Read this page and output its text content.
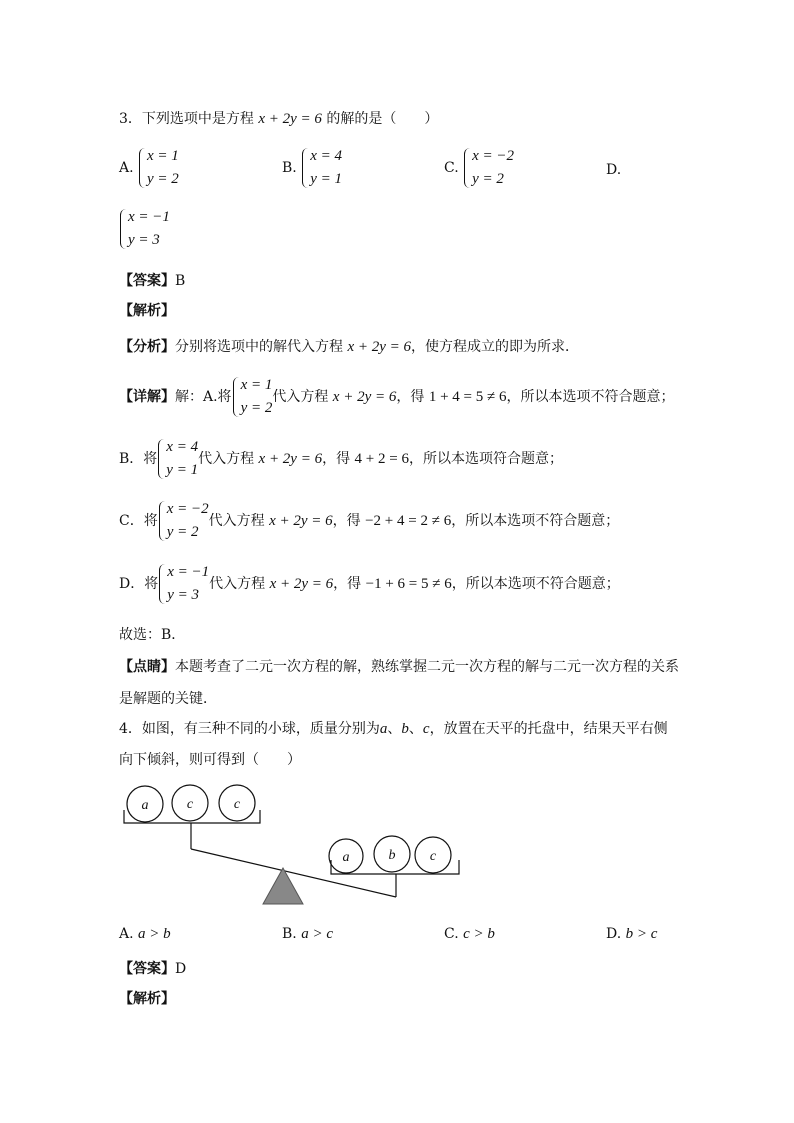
3．下列选项中是方程 x + 2y = 6 的解的是（　　）
A.
x = 1
y = 2
B.
x = 4
y = 1
C.
x = −2
y = 2
D.
x = −1
y = 3
【答案】B
【解析】
【分析】分别将选项中的解代入方程 x + 2y = 6，使方程成立的即为所求．
【详解】解：A.将
x = 1
y = 2
代入方程 x + 2y = 6，得 1 + 4 = 5 ≠ 6，所以本选项不符合题意；
B．将
x = 4
y = 1
代入方程 x + 2y = 6，得 4 + 2 = 6，所以本选项符合题意；
C．将
x = −2
y = 2
代入方程 x + 2y = 6，得 −2 + 4 = 2 ≠ 6，所以本选项不符合题意；
D．将
x = −1
y = 3
代入方程 x + 2y = 6，得 −1 + 6 = 5 ≠ 6，所以本选项不符合题意；
故选：B．
【点睛】本题考查了二元一次方程的解，熟练掌握二元一次方程的解与二元一次方程的关系
是解题的关键．
4．如图，有三种不同的小球，质量分别为a、b、c，放置在天平的托盘中，结果天平右侧
向下倾斜，则可得到（　　）
a	c	c
a	b c
A. a > b	B. a > c	C. c > b	D. b > c
【答案】D
【解析】
